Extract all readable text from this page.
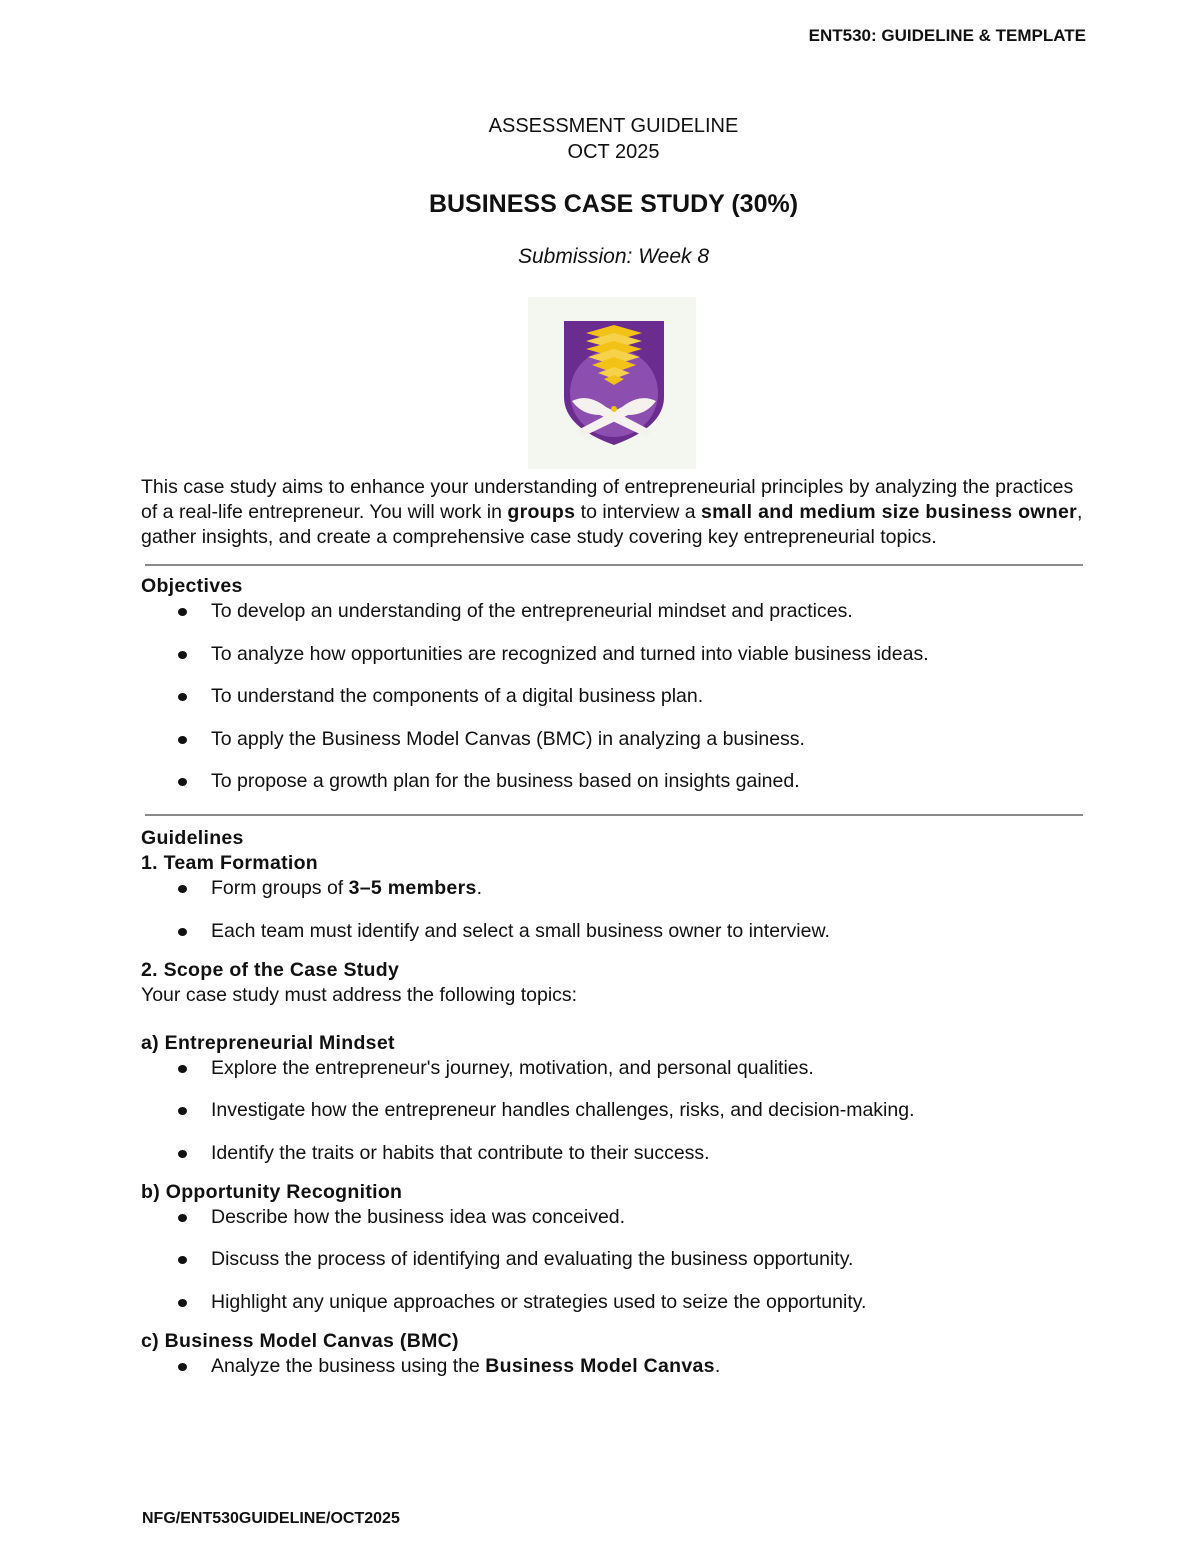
ENT530: GUIDELINE & TEMPLATE
ASSESSMENT GUIDELINE
OCT 2025
BUSINESS CASE STUDY (30%)
Submission: Week 8

This case study aims to enhance your understanding of entrepreneurial principles by analyzing the practices of a real-life entrepreneur. You will work in groups to interview a small and medium size business owner, gather insights, and create a comprehensive case study covering key entrepreneurial topics.

Objectives

To develop an understanding of the entrepreneurial mindset and practices.
To analyze how opportunities are recognized and turned into viable business ideas.
To understand the components of a digital business plan.
To apply the Business Model Canvas (BMC) in analyzing a business.
To propose a growth plan for the business based on insights gained.

Guidelines

1. Team Formation

Form groups of 3–5 members.
Each team must identify and select a small business owner to interview.

2. Scope of the Case Study

Your case study must address the following topics:

a) Entrepreneurial Mindset

Explore the entrepreneur's journey, motivation, and personal qualities.
Investigate how the entrepreneur handles challenges, risks, and decision-making.
Identify the traits or habits that contribute to their success.

b) Opportunity Recognition

Describe how the business idea was conceived.
Discuss the process of identifying and evaluating the business opportunity.
Highlight any unique approaches or strategies used to seize the opportunity.

c) Business Model Canvas (BMC)

Analyze the business using the Business Model Canvas.
NFG/ENT530GUIDELINE/OCT2025
